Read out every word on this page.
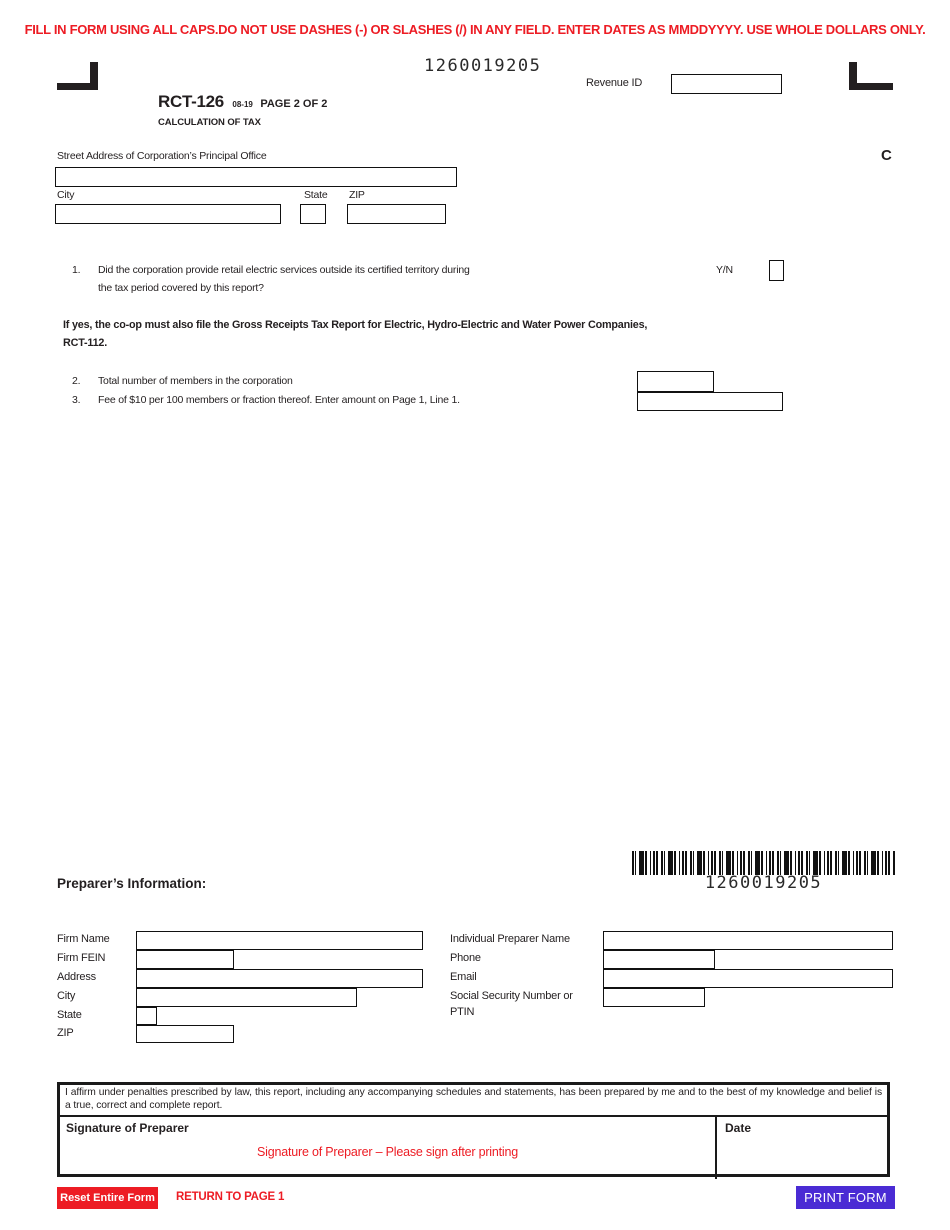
FILL IN FORM USING ALL CAPS.DO NOT USE DASHES (-) OR SLASHES (/) IN ANY FIELD. ENTER DATES AS MMDDYYYY. USE WHOLE DOLLARS ONLY.
1260019205
Revenue ID
RCT-126 08-19 PAGE 2 OF 2
CALCULATION OF TAX
C
Street Address of Corporation’s Principal Office
City	State ZIP
1. Did the corporation provide retail electric services outside its certified territory during
the tax period covered by this report?
Y/N
If yes, the co-op must also file the Gross Receipts Tax Report for Electric, Hydro-Electric and Water Power Companies,
RCT-112.
2. Total number of members in the corporation
3. Fee of $10 per 100 members or fraction thereof. Enter amount on Page 1, Line 1.
1260019205
Preparer’s Information:
Firm Name
Firm FEIN
Address
City
State
ZIP
Individual Preparer Name
Phone
Email
Social Security Number or
PTIN
I affirm under penalties prescribed by law, this report, including any accompanying schedules and statements, has been prepared by me and to the best of my knowledge and belief is a true, correct and complete report.
Signature of Preparer
Signature of Preparer – Please sign after printing
Date
Reset Entire Form RETURN TO PAGE 1	PRINT FORM
